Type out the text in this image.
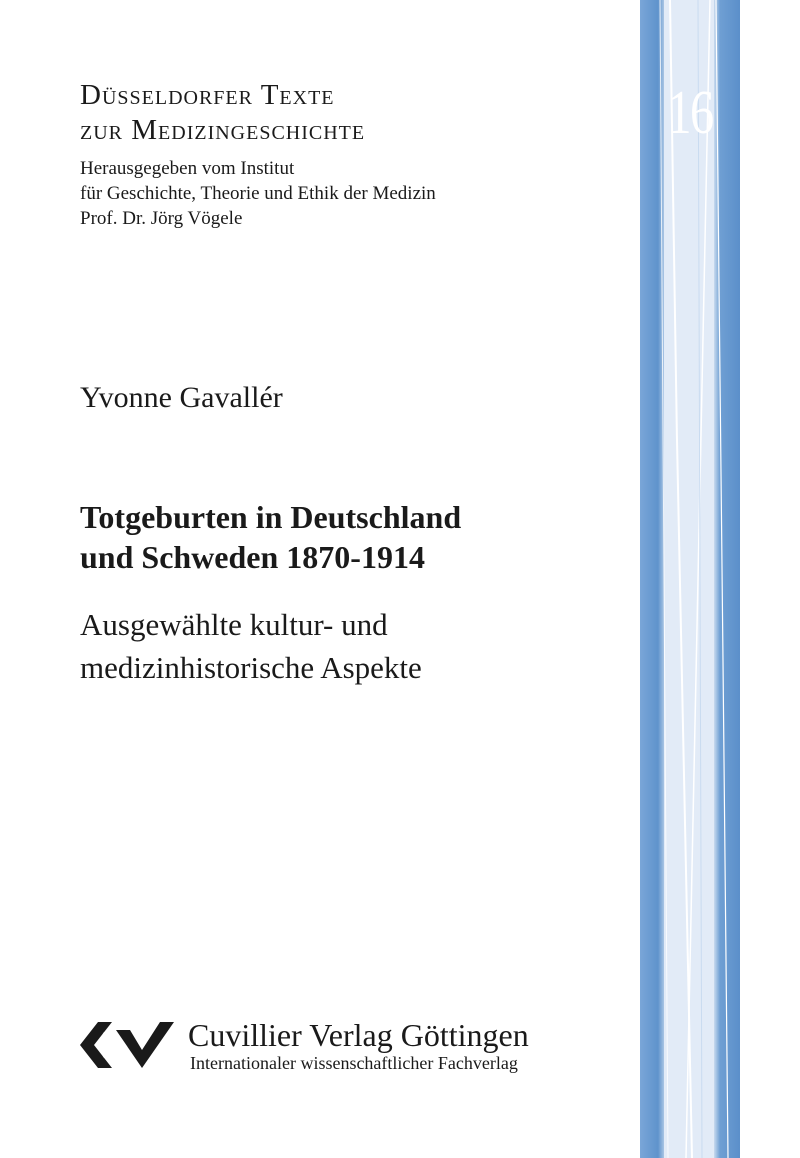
16
Düsseldorfer Texte
zur Medizingeschichte
Herausgegeben vom Institut
für Geschichte, Theorie und Ethik der Medizin
Prof. Dr. Jörg Vögele
Yvonne Gavallér
Totgeburten in Deutschland
und Schweden 1870-1914
Ausgewählte kultur- und
medizinhistorische Aspekte
Cuvillier Verlag Göttingen
Internationaler wissenschaftlicher Fachverlag
